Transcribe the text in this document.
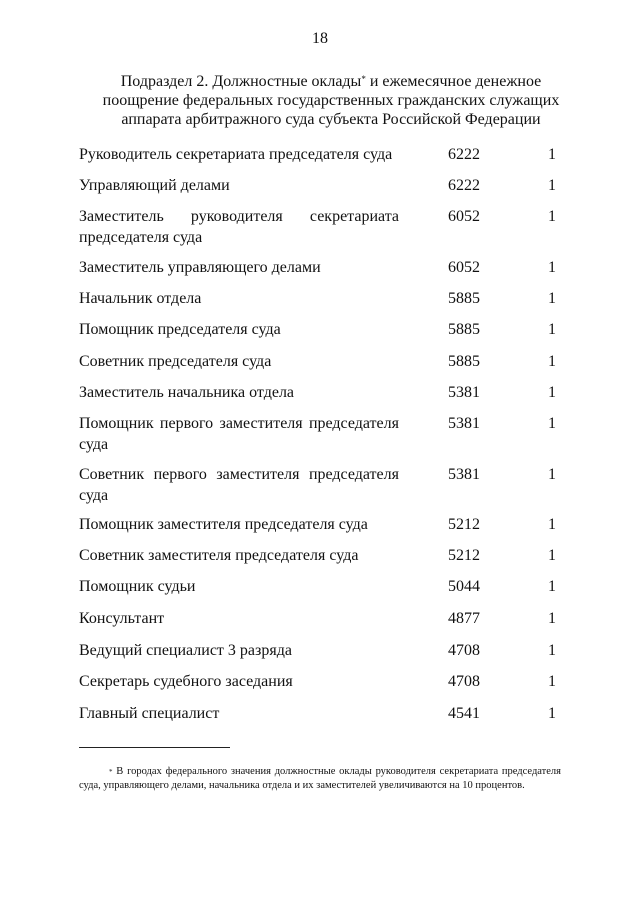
18
Подраздел 2. Должностные оклады* и ежемесячное денежное
поощрение федеральных государственных гражданских служащих
аппарата арбитражного суда субъекта Российской Федерации
Руководитель секретариата председателя суда	6222	1
Управляющий делами	6222	1
Заместитель руководителя секретариата
председателя суда
6052	1
Заместитель управляющего делами	6052	1
Начальник отдела	5885	1
Помощник председателя суда	5885	1
Советник председателя суда	5885	1
Заместитель начальника отдела	5381	1
Помощник первого заместителя председателя
суда
5381	1
Советник первого заместителя председателя
суда
5381	1
Помощник заместителя председателя суда	5212	1
Советник заместителя председателя суда	5212	1
Помощник судьи	5044	1
Консультант	4877	1
Ведущий специалист 3 разряда	4708	1
Секретарь судебного заседания	4708	1
Главный специалист	4541	1
* В городах федерального значения должностные оклады руководителя секретариата председателя суда, управляющего делами, начальника отдела и их заместителей увеличиваются на 10 процентов.
